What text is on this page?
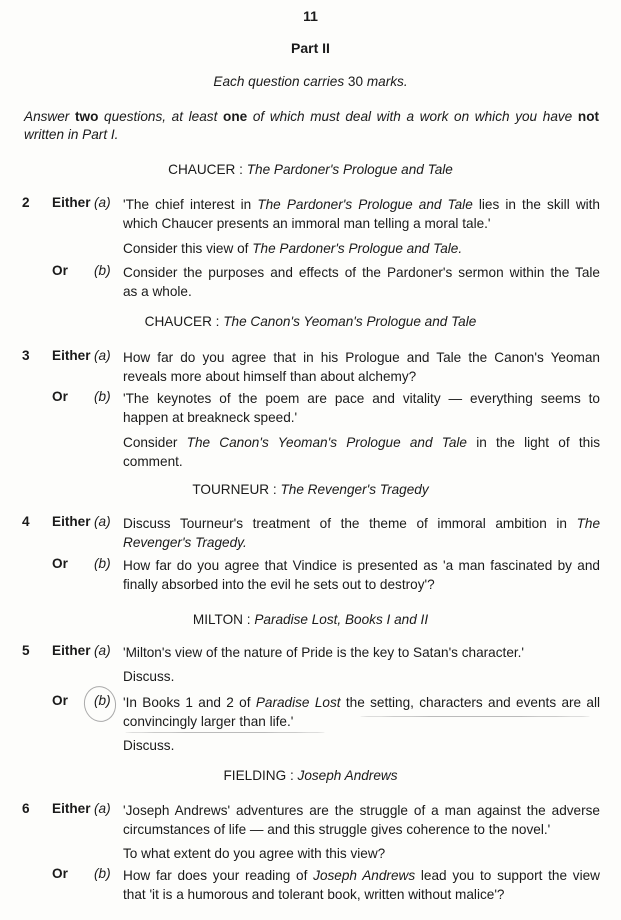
11
Part II
Each question carries 30 marks.
Answer two questions, at least one of which must deal with a work on which you have not written in Part I.
CHAUCER : The Pardoner's Prologue and Tale
2 Either (a) 'The chief interest in The Pardoner's Prologue and Tale lies in the skill with
which Chaucer presents an immoral man telling a moral tale.'
Consider this view of The Pardoner's Prologue and Tale.
Or (b) Consider the purposes and effects of the Pardoner's sermon within the Tale
as a whole.
CHAUCER : The Canon's Yeoman's Prologue and Tale
3 Either (a) How far do you agree that in his Prologue and Tale the Canon's Yeoman
reveals more about himself than about alchemy?
Or (b) 'The keynotes of the poem are pace and vitality — everything seems to
happen at breakneck speed.'
Consider The Canon's Yeoman's Prologue and Tale in the light of this
comment.
TOURNEUR : The Revenger's Tragedy
4 Either (a) Discuss Tourneur's treatment of the theme of immoral ambition in The
Revenger's Tragedy.
Or (b) How far do you agree that Vindice is presented as 'a man fascinated by and
finally absorbed into the evil he sets out to destroy'?
MILTON : Paradise Lost, Books I and II
5 Either (a) 'Milton's view of the nature of Pride is the key to Satan's character.'
Discuss.
Or (b) 'In Books 1 and 2 of Paradise Lost the setting, characters and events are all
convincingly larger than life.'
Discuss.
FIELDING : Joseph Andrews
6 Either (a) 'Joseph Andrews' adventures are the struggle of a man against the adverse
circumstances of life — and this struggle gives coherence to the novel.'
To what extent do you agree with this view?
Or (b) How far does your reading of Joseph Andrews lead you to support the view
that 'it is a humorous and tolerant book, written without malice'?
